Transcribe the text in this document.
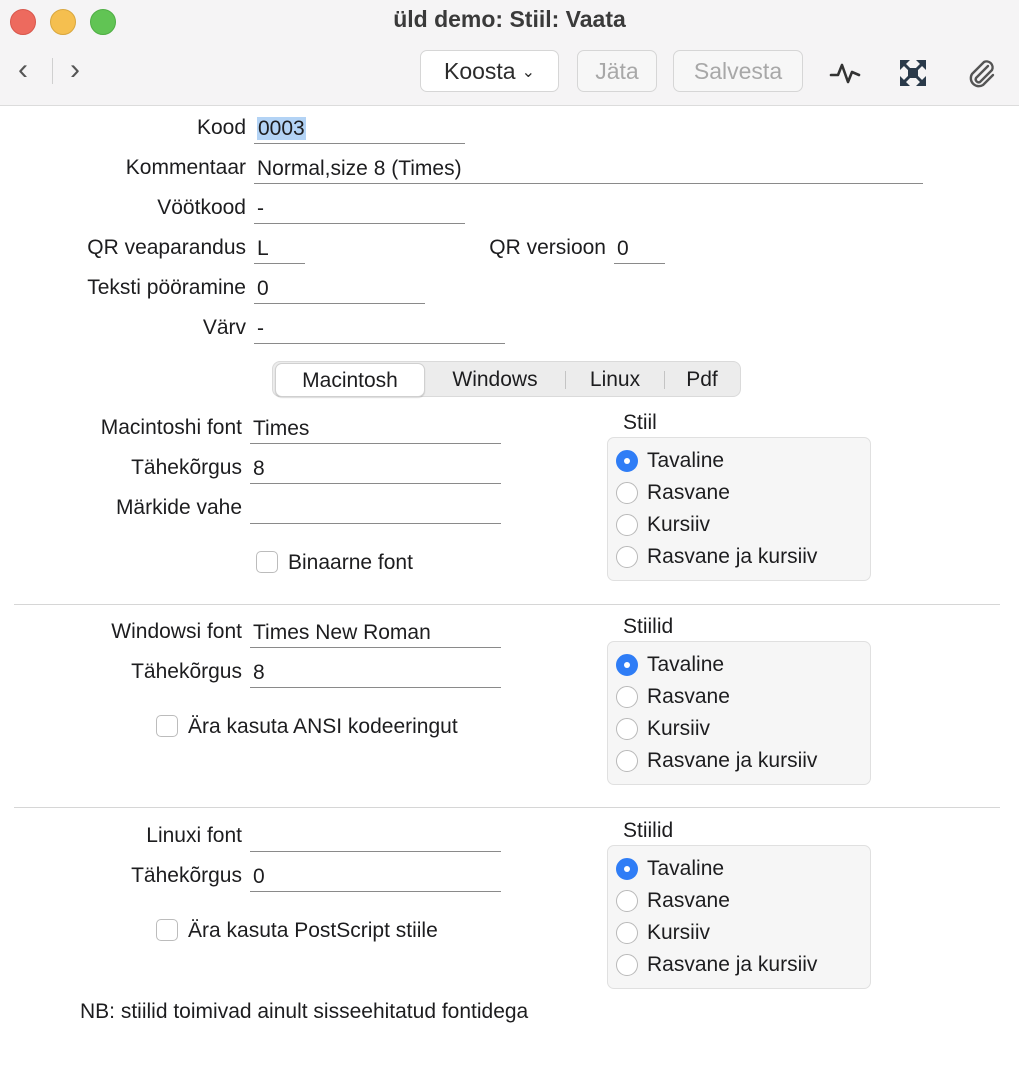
üld demo: Stiil: Vaata
‹ ›	Koosta ⌄	Jäta	Salvesta
Kood 0003
Kommentaar Normal,size 8 (Times)
Vöötkood -
QR veaparandus L	QR versioon 0
Teksti pööramine 0
Värv -
Macintosh	Windows	Linux	Pdf
Macintoshi font Times
Tähekõrgus 8
Märkide vahe
Binaarne font
Stiil
Tavaline
Rasvane
Kursiiv
Rasvane ja kursiiv
Windowsi font Times New Roman
Tähekõrgus 8
Ära kasuta ANSI kodeeringut
Stiilid
Tavaline
Rasvane
Kursiiv
Rasvane ja kursiiv
Linuxi font
Tähekõrgus 0
Ära kasuta PostScript stiile
Stiilid
Tavaline
Rasvane
Kursiiv
Rasvane ja kursiiv
NB: stiilid toimivad ainult sisseehitatud fontidega
